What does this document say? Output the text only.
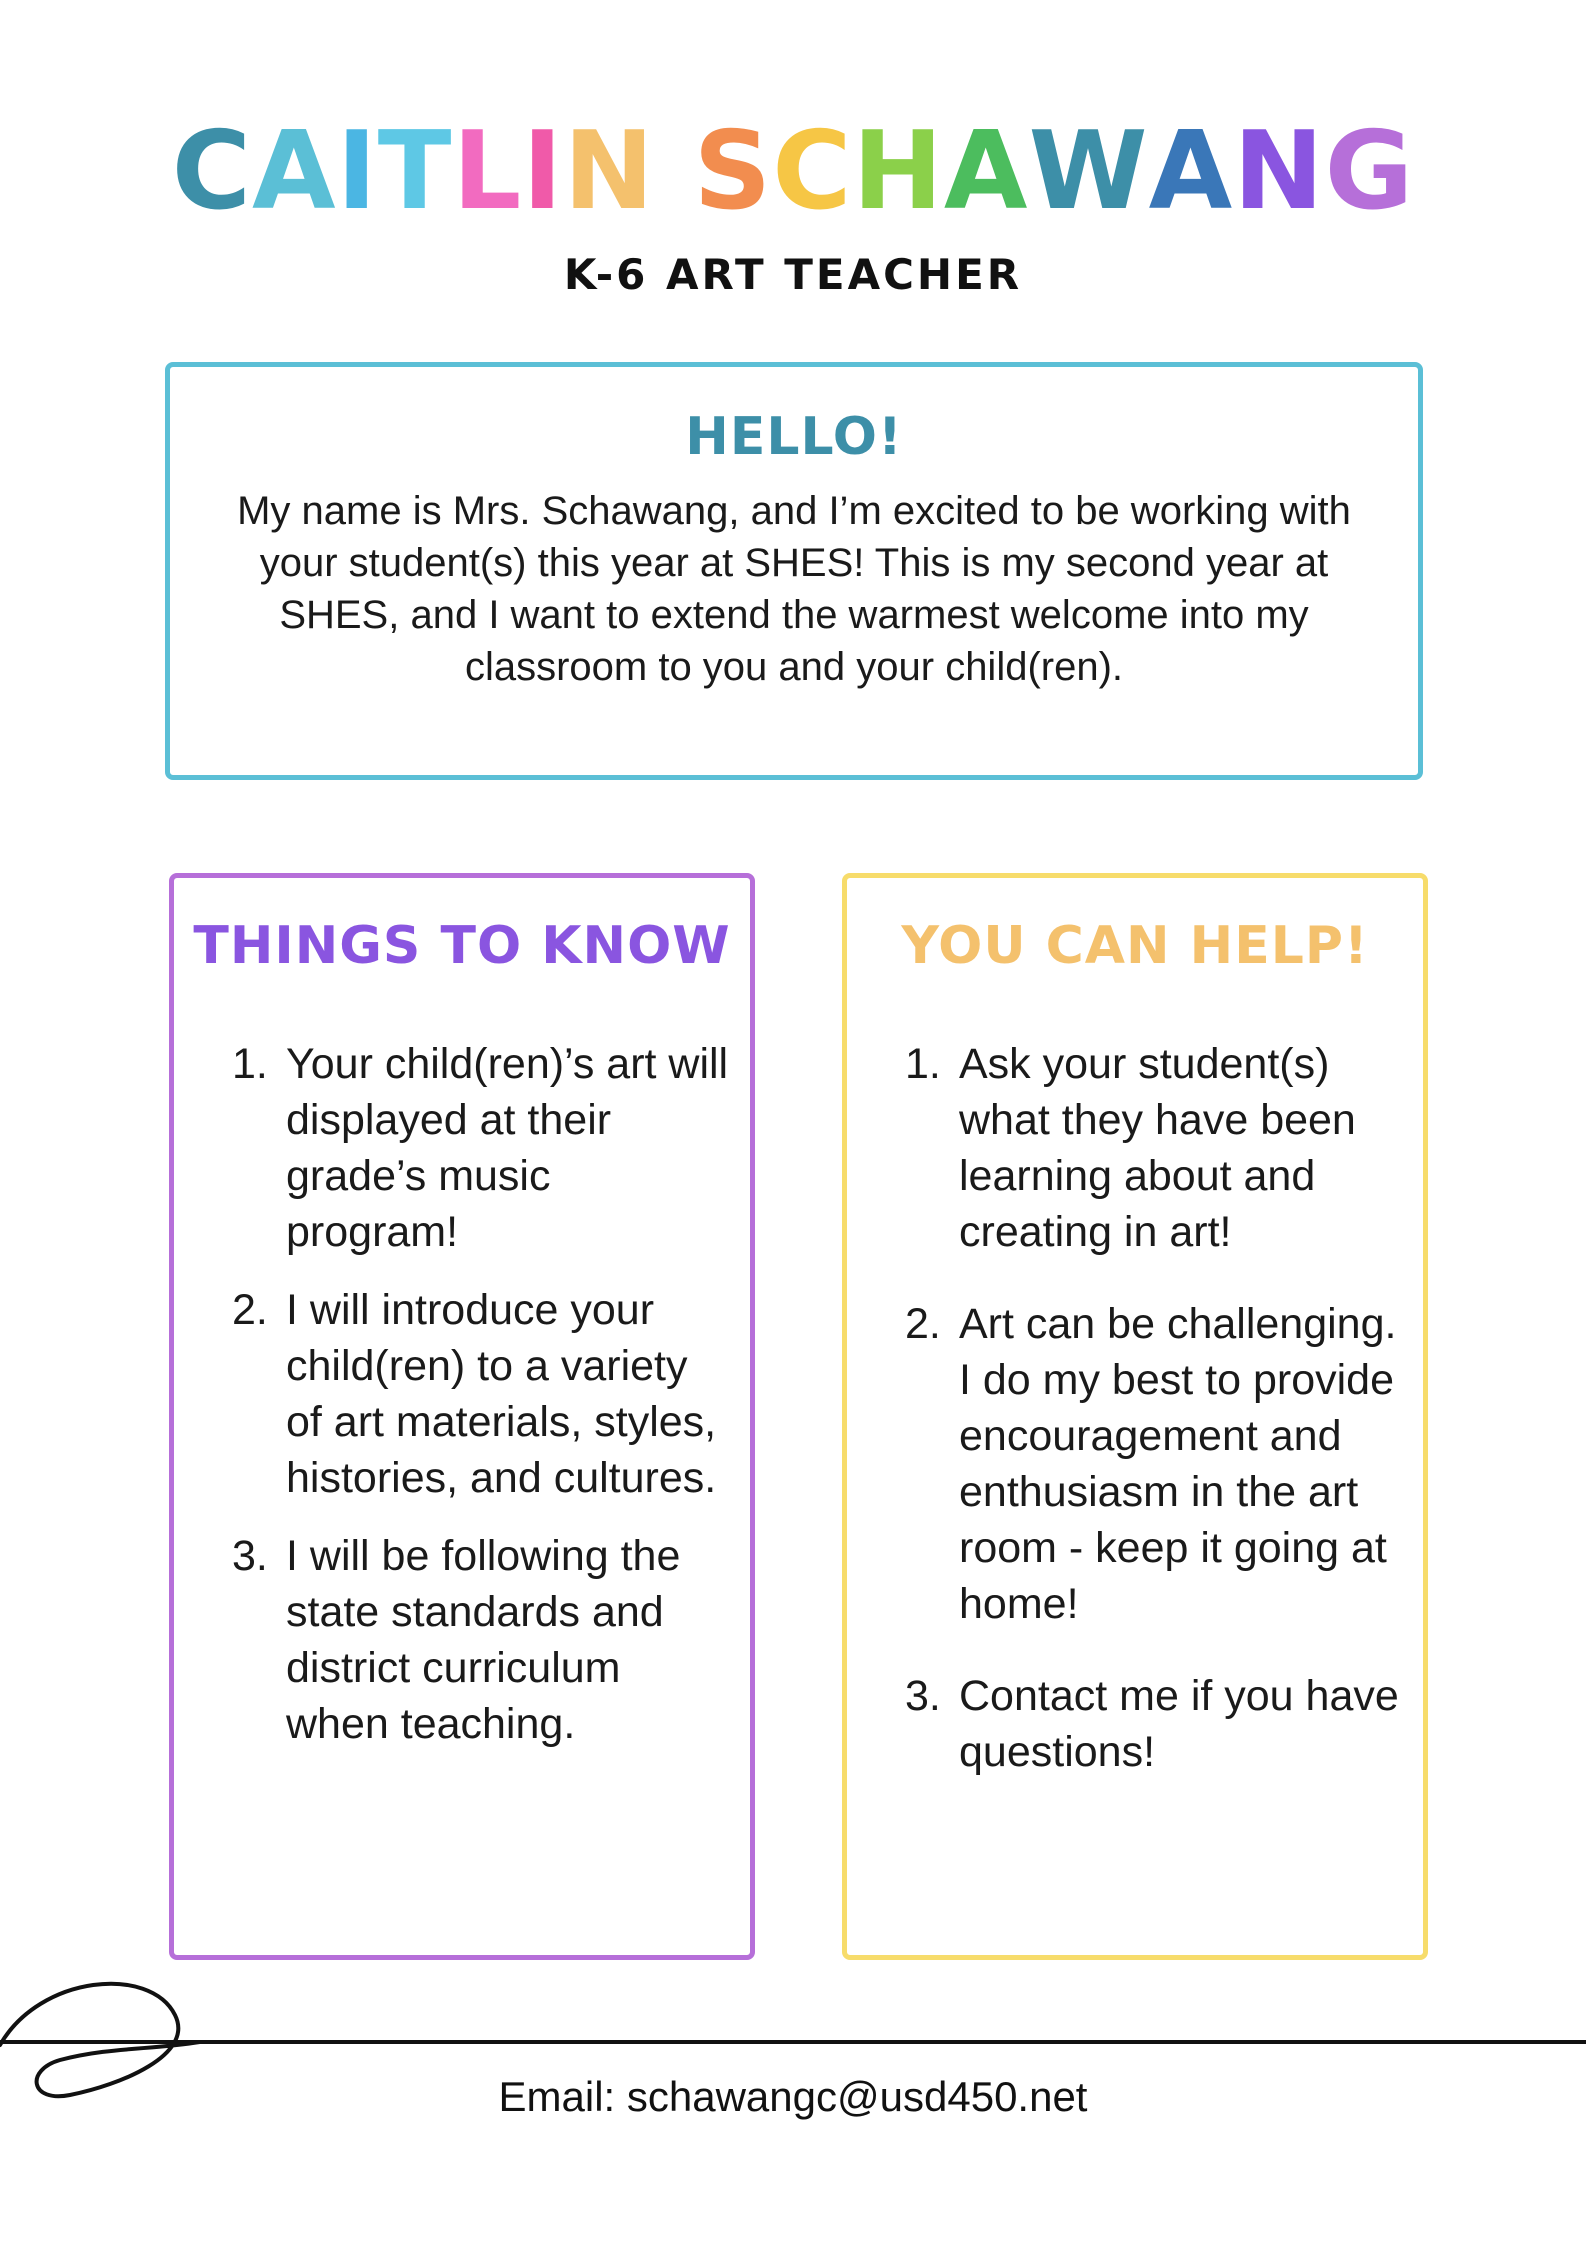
CAITLIN SCHAWANG
K-6 ART TEACHER
HELLO!

My name is Mrs. Schawang, and I’m excited to be working with your student(s) this year at SHES! This is my second year at SHES, and I want to extend the warmest welcome into my classroom to you and your child(ren).

THINGS TO KNOW
1. Your child(ren)’s art will displayed at their grade’s music program!
2. I will introduce your child(ren) to a variety of art materials, styles, histories, and cultures.
3. I will be following the state standards and district curriculum when teaching.
YOU CAN HELP!
1. Ask your student(s) what they have been learning about and creating in art!
2. Art can be challenging. I do my best to provide encouragement and enthusiasm in the art room - keep it going at home!
3. Contact me if you have questions!
Email: schawangc@usd450.net
